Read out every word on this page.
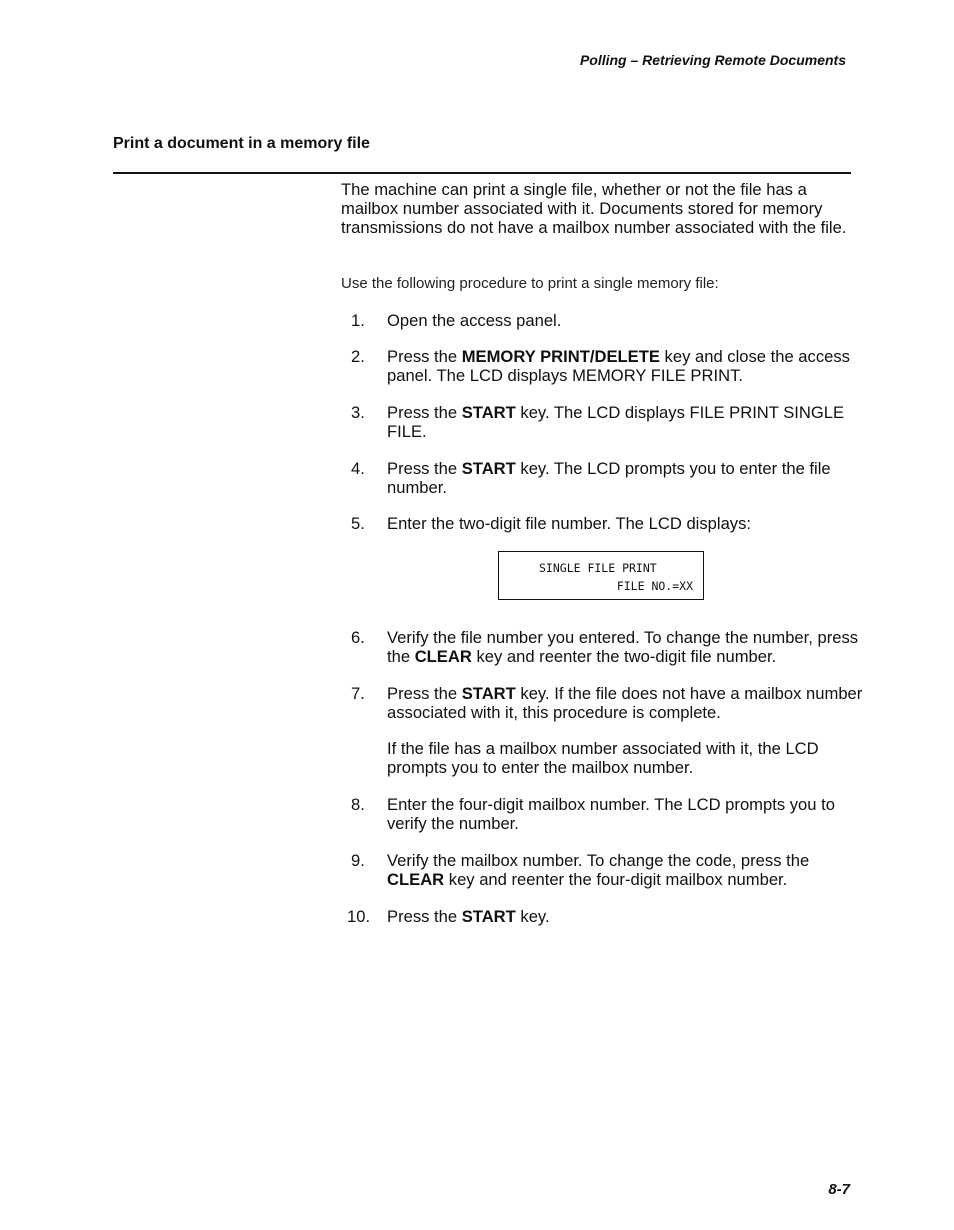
Polling – Retrieving Remote Documents
Print a document in a memory file
The machine can print a single file, whether or not the file has a mailbox number associated with it. Documents stored for memory transmissions do not have a mailbox number associated with the file.
Use the following procedure to print a single memory file:
1.	Open the access panel.
2.	Press the MEMORY PRINT/DELETE key and close the access panel. The LCD displays MEMORY FILE PRINT.
3.	Press the START key. The LCD displays FILE PRINT SINGLE FILE.
4.	Press the START key. The LCD prompts you to enter the file number.
5.	Enter the two-digit file number. The LCD displays:
6.	Verify the file number you entered. To change the number, press the CLEAR key and reenter the two-digit file number.
7.	Press the START key. If the file does not have a mailbox number associated with it, this procedure is complete.
If the file has a mailbox number associated with it, the LCD prompts you to enter the mailbox number.
8.	Enter the four-digit mailbox number. The LCD prompts you to verify the number.
9.	Verify the mailbox number. To change the code, press the CLEAR key and reenter the four-digit mailbox number.
10.	Press the START key.
SINGLE FILE PRINT
FILE NO.=XX
8-7
